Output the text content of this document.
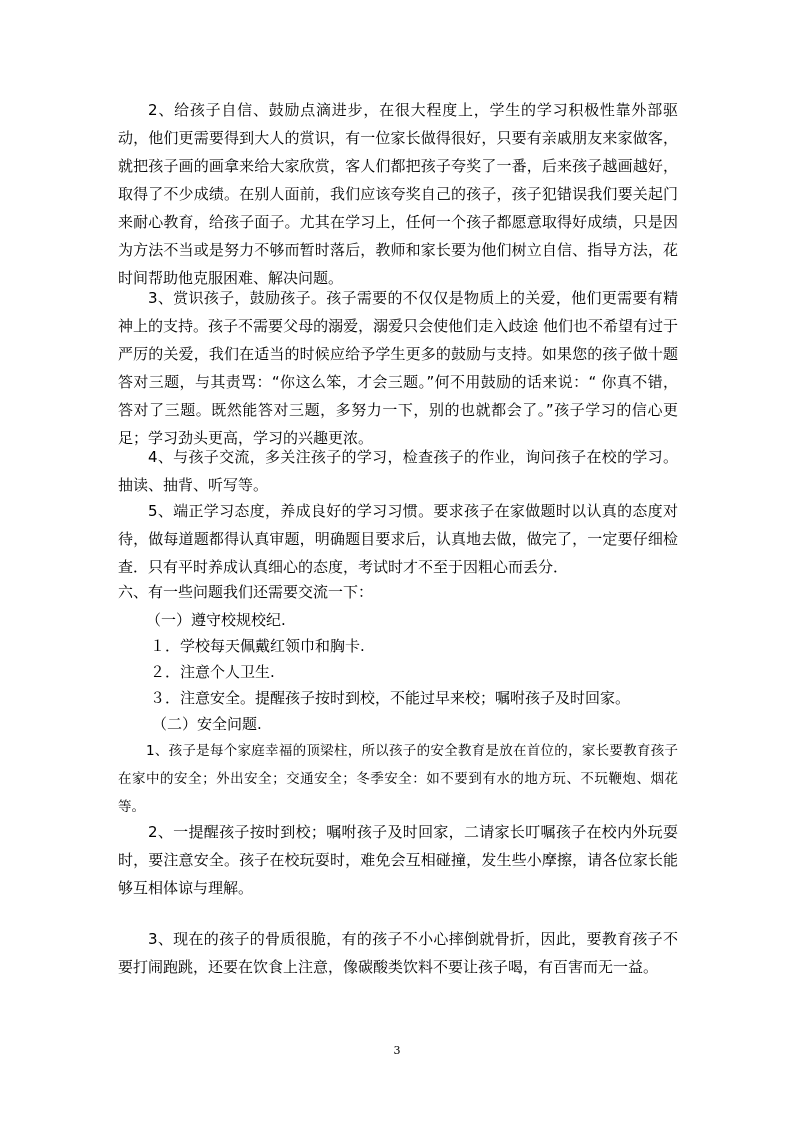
2、给孩子自信、鼓励点滴进步，在很大程度上，学生的学习积极性靠外部驱动，他们更需要得到大人的赏识，有一位家长做得很好，只要有亲戚朋友来家做客，就把孩子画的画拿来给大家欣赏，客人们都把孩子夸奖了一番，后来孩子越画越好，取得了不少成绩。在别人面前，我们应该夸奖自己的孩子，孩子犯错误我们要关起门来耐心教育，给孩子面子。尤其在学习上，任何一个孩子都愿意取得好成绩，只是因为方法不当或是努力不够而暂时落后，教师和家长要为他们树立自信、指导方法，花时间帮助他克服困难、解决问题。

3、赏识孩子，鼓励孩子。孩子需要的不仅仅是物质上的关爱，他们更需要有精神上的支持。孩子不需要父母的溺爱，溺爱只会使他们走入歧途 他们也不希望有过于严厉的关爱，我们在适当的时候应给予学生更多的鼓励与支持。如果您的孩子做十题答对三题，与其责骂：“你这么笨，才会三题。”何不用鼓励的话来说：“ 你真不错，答对了三题。既然能答对三题，多努力一下，别的也就都会了。”孩子学习的信心更足；学习劲头更高，学习的兴趣更浓。

4、与孩子交流，多关注孩子的学习，检查孩子的作业，询问孩子在校的学习。抽读、抽背、听写等。

5、端正学习态度，养成良好的学习习惯。要求孩子在家做题时以认真的态度对待，做每道题都得认真审题，明确题目要求后，认真地去做，做完了，一定要仔细检查．只有平时养成认真细心的态度，考试时才不至于因粗心而丢分．

六、有一些问题我们还需要交流一下：

（一）遵守校规校纪.

１．学校每天佩戴红领巾和胸卡.

２．注意个人卫生.

３．注意安全。提醒孩子按时到校，不能过早来校；嘱咐孩子及时回家。

（二）安全问题.

1、孩子是每个家庭幸福的顶梁柱，所以孩子的安全教育是放在首位的，家长要教育孩子在家中的安全；外出安全；交通安全；冬季安全：如不要到有水的地方玩、不玩鞭炮、烟花等。

2、一提醒孩子按时到校；嘱咐孩子及时回家，二请家长叮嘱孩子在校内外玩耍时，要注意安全。孩子在校玩耍时，难免会互相碰撞，发生些小摩擦，请各位家长能够互相体谅与理解。

3、现在的孩子的骨质很脆，有的孩子不小心摔倒就骨折，因此，要教育孩子不要打闹跑跳，还要在饮食上注意，像碳酸类饮料不要让孩子喝，有百害而无一益。

3
